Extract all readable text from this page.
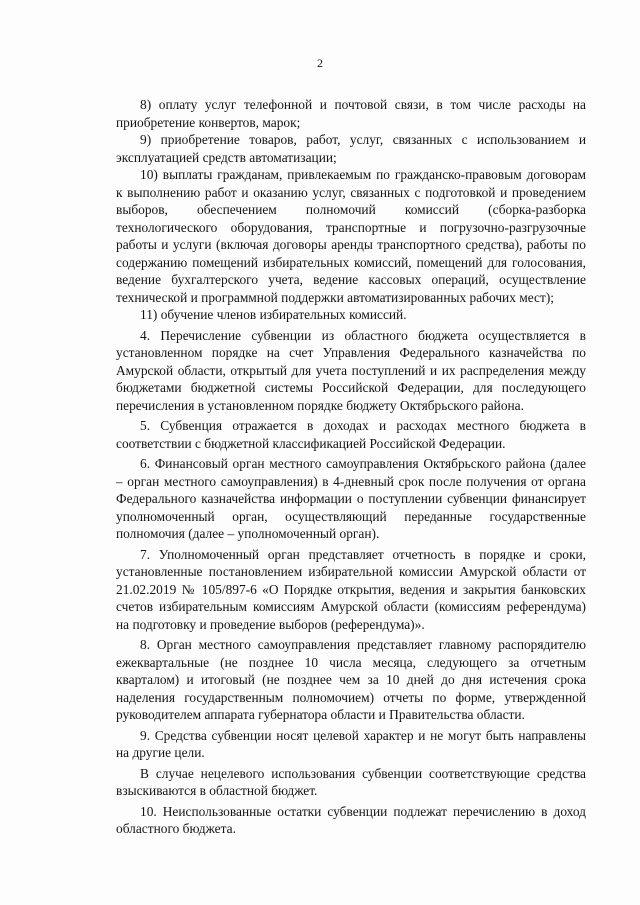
2

8) оплату услуг телефонной и почтовой связи, в том числе расходы на приобретение конвертов, марок;

9) приобретение товаров, работ, услуг, связанных с использованием и эксплуатацией средств автоматизации;

10) выплаты гражданам, привлекаемым по гражданско-правовым договорам к выполнению работ и оказанию услуг, связанных с подготовкой и проведением выборов, обеспечением полномочий комиссий (сборка-разборка технологического оборудования, транспортные и погрузочно-разгрузочные работы и услуги (включая договоры аренды транспортного средства), работы по содержанию помещений избирательных комиссий, помещений для голосования, ведение бухгалтерского учета, ведение кассовых операций, осуществление технической и программной поддержки автоматизированных рабочих мест);

11) обучение членов избирательных комиссий.

4. Перечисление субвенции из областного бюджета осуществляется в установленном порядке на счет Управления Федерального казначейства по Амурской области, открытый для учета поступлений и их распределения между бюджетами бюджетной системы Российской Федерации, для последующего перечисления в установленном порядке бюджету Октябрьского района.

5. Субвенция отражается в доходах и расходах местного бюджета в соответствии с бюджетной классификацией Российской Федерации.

6. Финансовый орган местного самоуправления Октябрьского района (далее – орган местного самоуправления) в 4-дневный срок после получения от органа Федерального казначейства информации о поступлении субвенции финансирует уполномоченный орган, осуществляющий переданные государственные полномочия (далее – уполномоченный орган).

7. Уполномоченный орган представляет отчетность в порядке и сроки, установленные постановлением избирательной комиссии Амурской области от 21.02.2019 № 105/897-6 «О Порядке открытия, ведения и закрытия банковских счетов избирательным комиссиям Амурской области (комиссиям референдума) на подготовку и проведение выборов (референдума)».

8. Орган местного самоуправления представляет главному распорядителю ежеквартальные (не позднее 10 числа месяца, следующего за отчетным кварталом) и итоговый (не позднее чем за 10 дней до дня истечения срока наделения государственным полномочием) отчеты по форме, утвержденной руководителем аппарата губернатора области и Правительства области.

9. Средства субвенции носят целевой характер и не могут быть направлены на другие цели.

В случае нецелевого использования субвенции соответствующие средства взыскиваются в областной бюджет.

10. Неиспользованные остатки субвенции подлежат перечислению в доход областного бюджета.
